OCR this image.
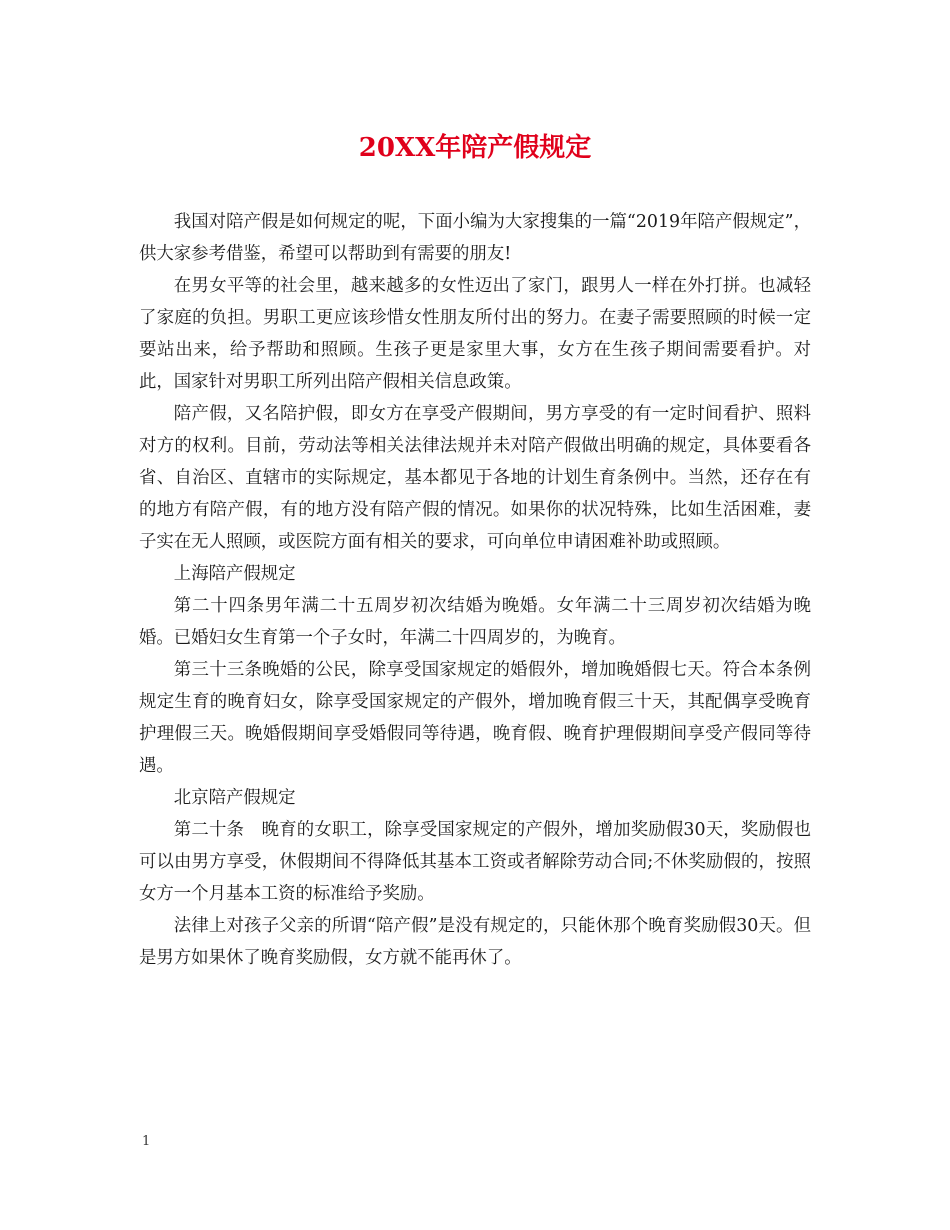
20XX年陪产假规定

我国对陪产假是如何规定的呢，下面小编为大家搜集的一篇“2019年陪产假规定”，供大家参考借鉴，希望可以帮助到有需要的朋友!

在男女平等的社会里，越来越多的女性迈出了家门，跟男人一样在外打拼。也减轻了家庭的负担。男职工更应该珍惜女性朋友所付出的努力。在妻子需要照顾的时候一定要站出来，给予帮助和照顾。生孩子更是家里大事，女方在生孩子期间需要看护。对此，国家针对男职工所列出陪产假相关信息政策。

陪产假，又名陪护假，即女方在享受产假期间，男方享受的有一定时间看护、照料对方的权利。目前，劳动法等相关法律法规并未对陪产假做出明确的规定，具体要看各省、自治区、直辖市的实际规定，基本都见于各地的计划生育条例中。当然，还存在有的地方有陪产假，有的地方没有陪产假的情况。如果你的状况特殊，比如生活困难，妻子实在无人照顾，或医院方面有相关的要求，可向单位申请困难补助或照顾。

上海陪产假规定

第二十四条男年满二十五周岁初次结婚为晚婚。女年满二十三周岁初次结婚为晚婚。已婚妇女生育第一个子女时，年满二十四周岁的，为晚育。

第三十三条晚婚的公民，除享受国家规定的婚假外，增加晚婚假七天。符合本条例规定生育的晚育妇女，除享受国家规定的产假外，增加晚育假三十天，其配偶享受晚育护理假三天。晚婚假期间享受婚假同等待遇，晚育假、晚育护理假期间享受产假同等待遇。

北京陪产假规定

第二十条　晚育的女职工，除享受国家规定的产假外，增加奖励假30天，奖励假也可以由男方享受，休假期间不得降低其基本工资或者解除劳动合同;不休奖励假的，按照女方一个月基本工资的标准给予奖励。

法律上对孩子父亲的所谓“陪产假”是没有规定的，只能休那个晚育奖励假30天。但是男方如果休了晚育奖励假，女方就不能再休了。

1
